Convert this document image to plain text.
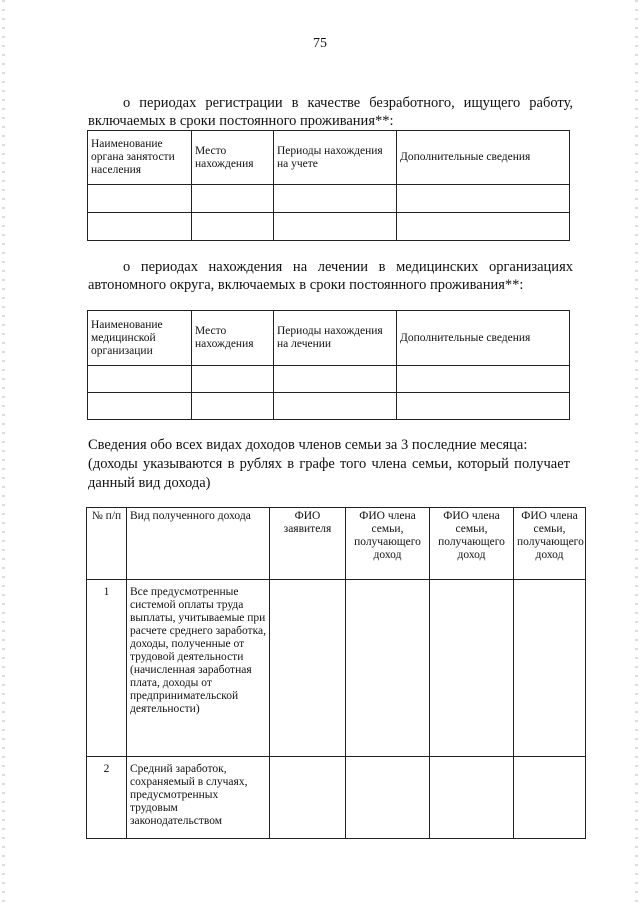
75
о периодах регистрации в качестве безработного, ищущего работу,
включаемых в сроки постоянного проживания**:
Наименование органа занятости населения	Место нахождения	Периоды нахождения на учете	Дополнительные сведения

о периодах нахождения на лечении в медицинских организациях
автономного округа, включаемых в сроки постоянного проживания**:
Наименование медицинской организации	Место нахождения	Периоды нахождения на лечении	Дополнительные сведения

Сведения обо всех видах доходов членов семьи за 3 последние месяца:
(доходы указываются в рублях в графе того члена семьи, который получает
данный вид дохода)
№ п/п	Вид полученного дохода	ФИО заявителя	ФИО члена семьи, получающего доход	ФИО члена семьи, получающего доход	ФИО члена семьи, получающего доход
1	Все предусмотренные системой оплаты труда выплаты, учитываемые при расчете среднего заработка, доходы, полученные от трудовой деятельности (начисленная заработная плата, доходы от предпринимательской деятельности)				
2	Средний заработок, сохраняемый в случаях, предусмотренных трудовым законодательством				
